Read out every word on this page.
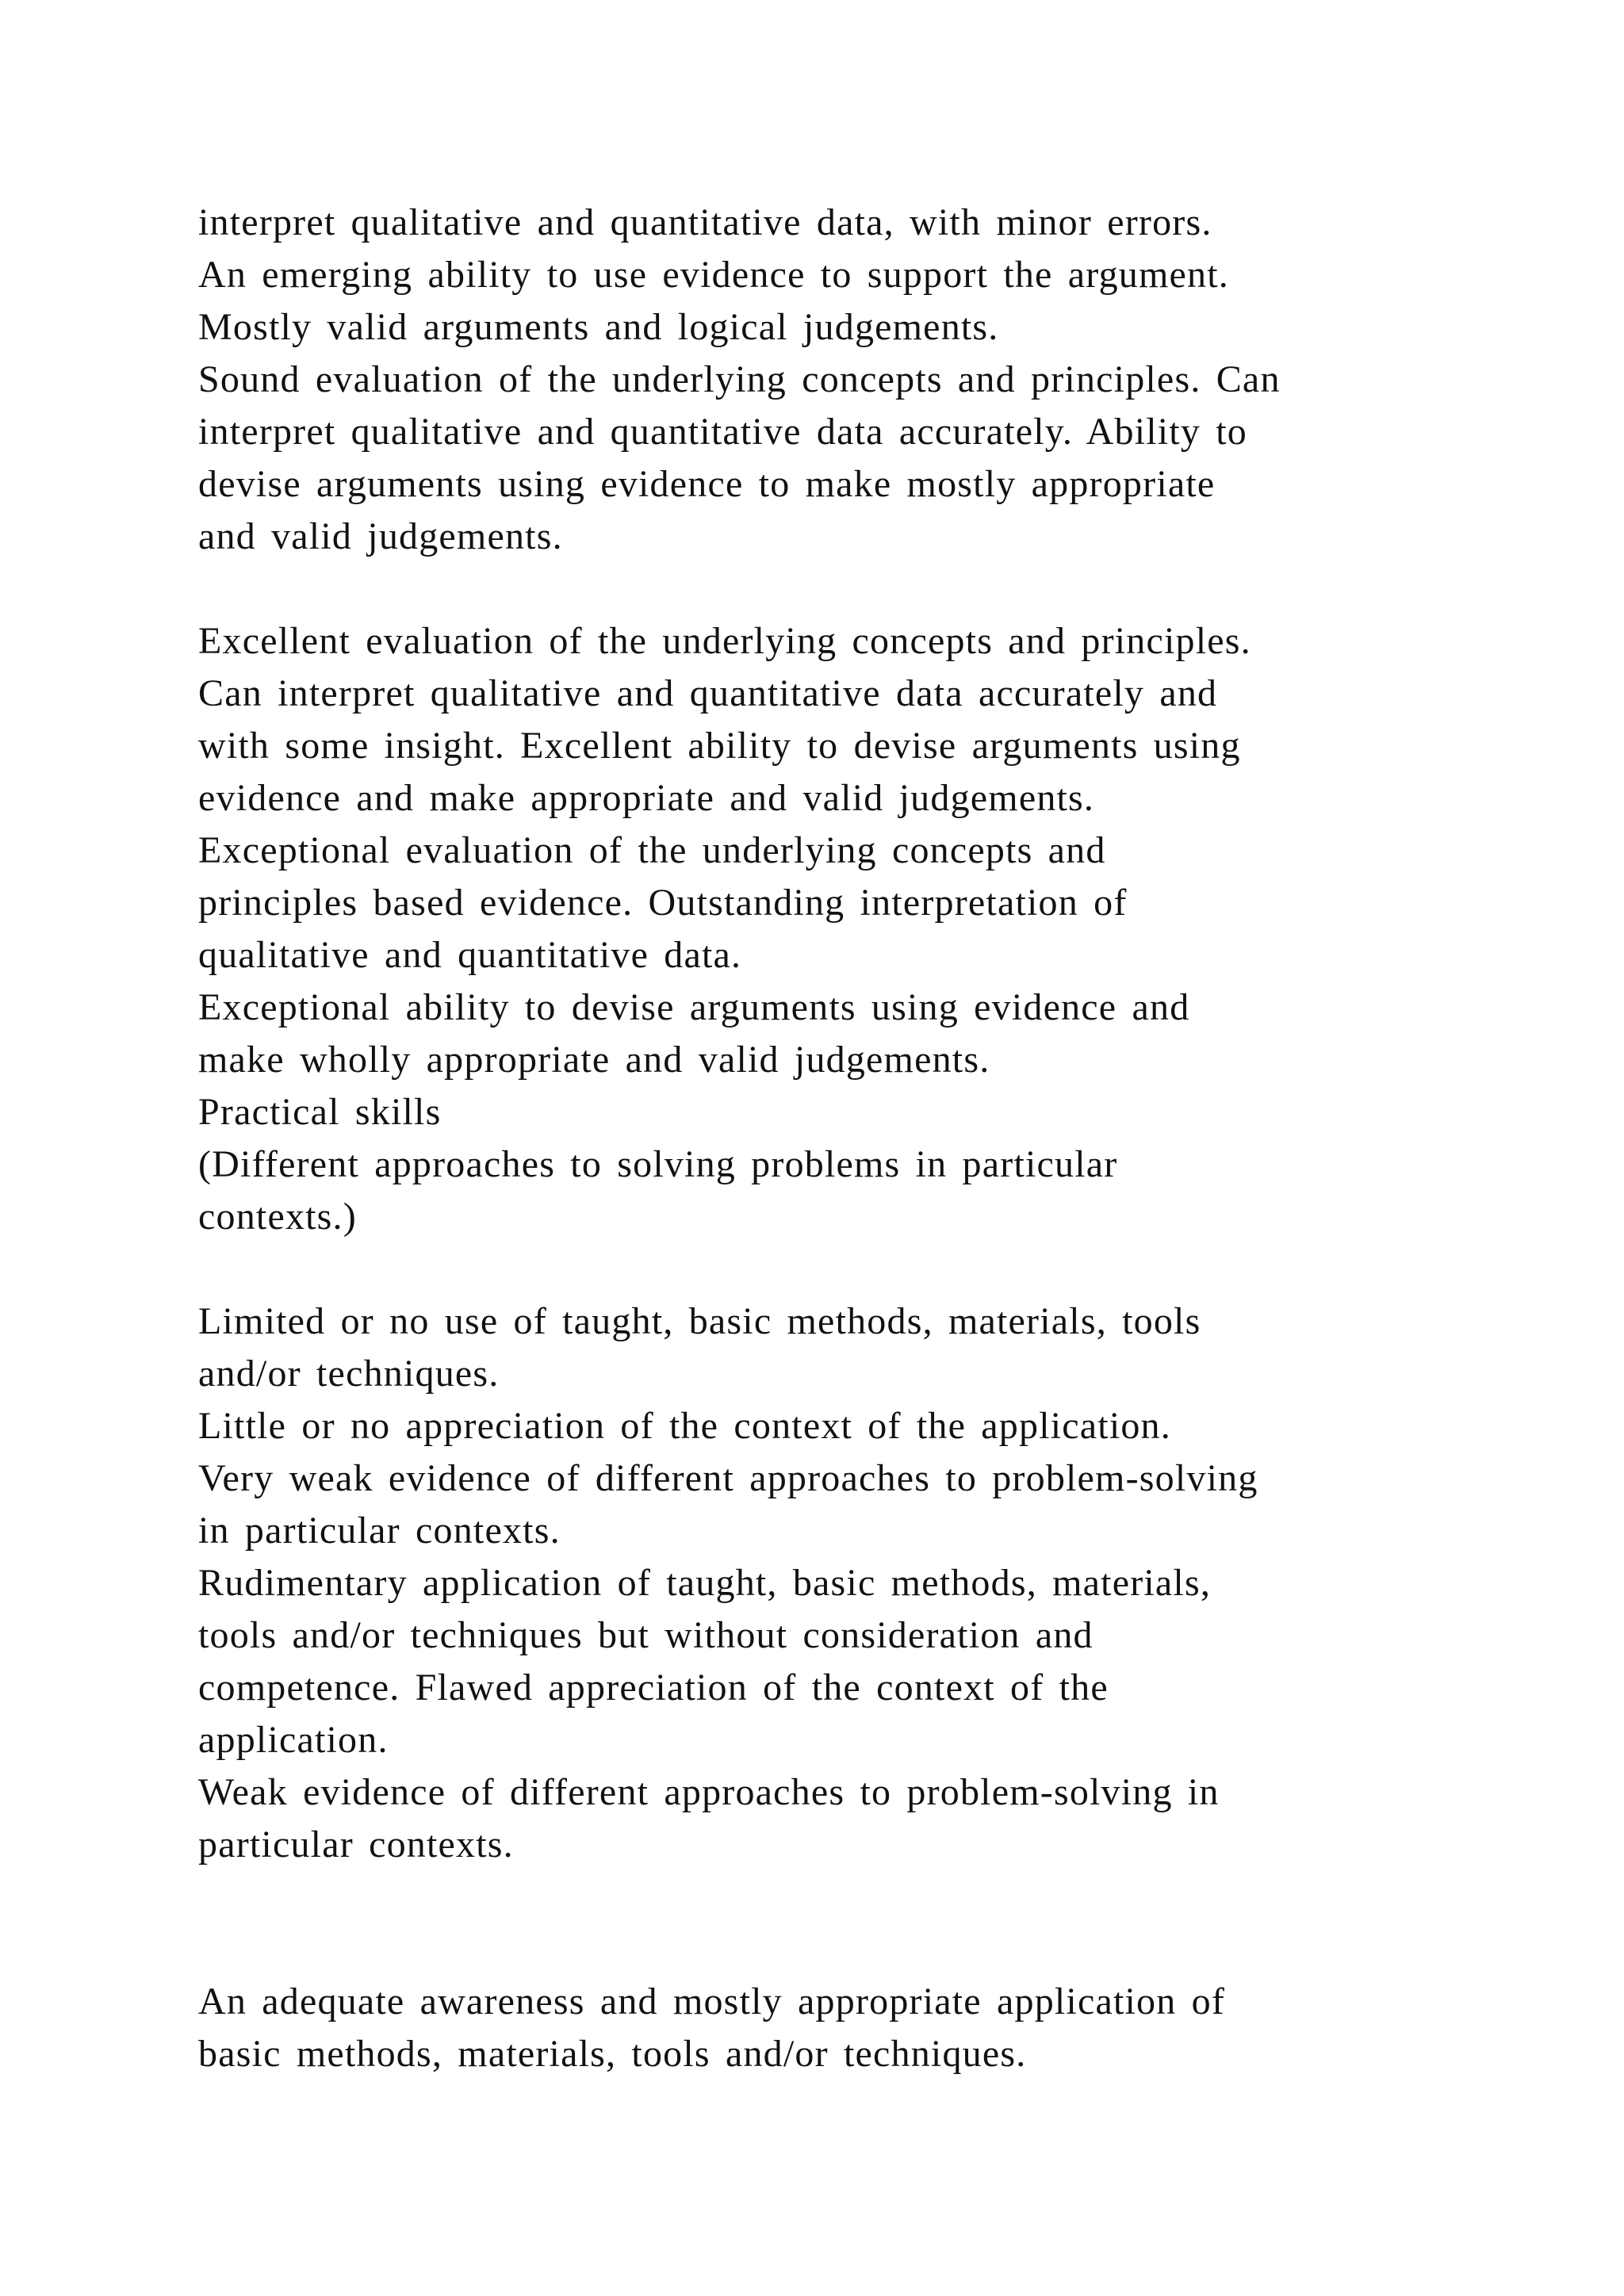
interpret qualitative and quantitative data, with minor errors.
An emerging ability to use evidence to support the argument.
Mostly valid arguments and logical judgements.
Sound evaluation of the underlying concepts and principles. Can
interpret qualitative and quantitative data accurately. Ability to
devise arguments using evidence to make mostly appropriate
and valid judgements.
Excellent evaluation of the underlying concepts and principles.
Can interpret qualitative and quantitative data accurately and
with some insight. Excellent ability to devise arguments using
evidence and make appropriate and valid judgements.
Exceptional evaluation of the underlying concepts and
principles based evidence. Outstanding interpretation of
qualitative and quantitative data.
Exceptional ability to devise arguments using evidence and
make wholly appropriate and valid judgements.
Practical skills
(Different approaches to solving problems in particular
contexts.)
Limited or no use of taught, basic methods, materials, tools
and/or techniques.
Little or no appreciation of the context of the application.
Very weak evidence of different approaches to problem-solving
in particular contexts.
Rudimentary application of taught, basic methods, materials,
tools and/or techniques but without consideration and
competence. Flawed appreciation of the context of the
application.
Weak evidence of different approaches to problem-solving in
particular contexts.
An adequate awareness and mostly appropriate application of
basic methods, materials, tools and/or techniques.
